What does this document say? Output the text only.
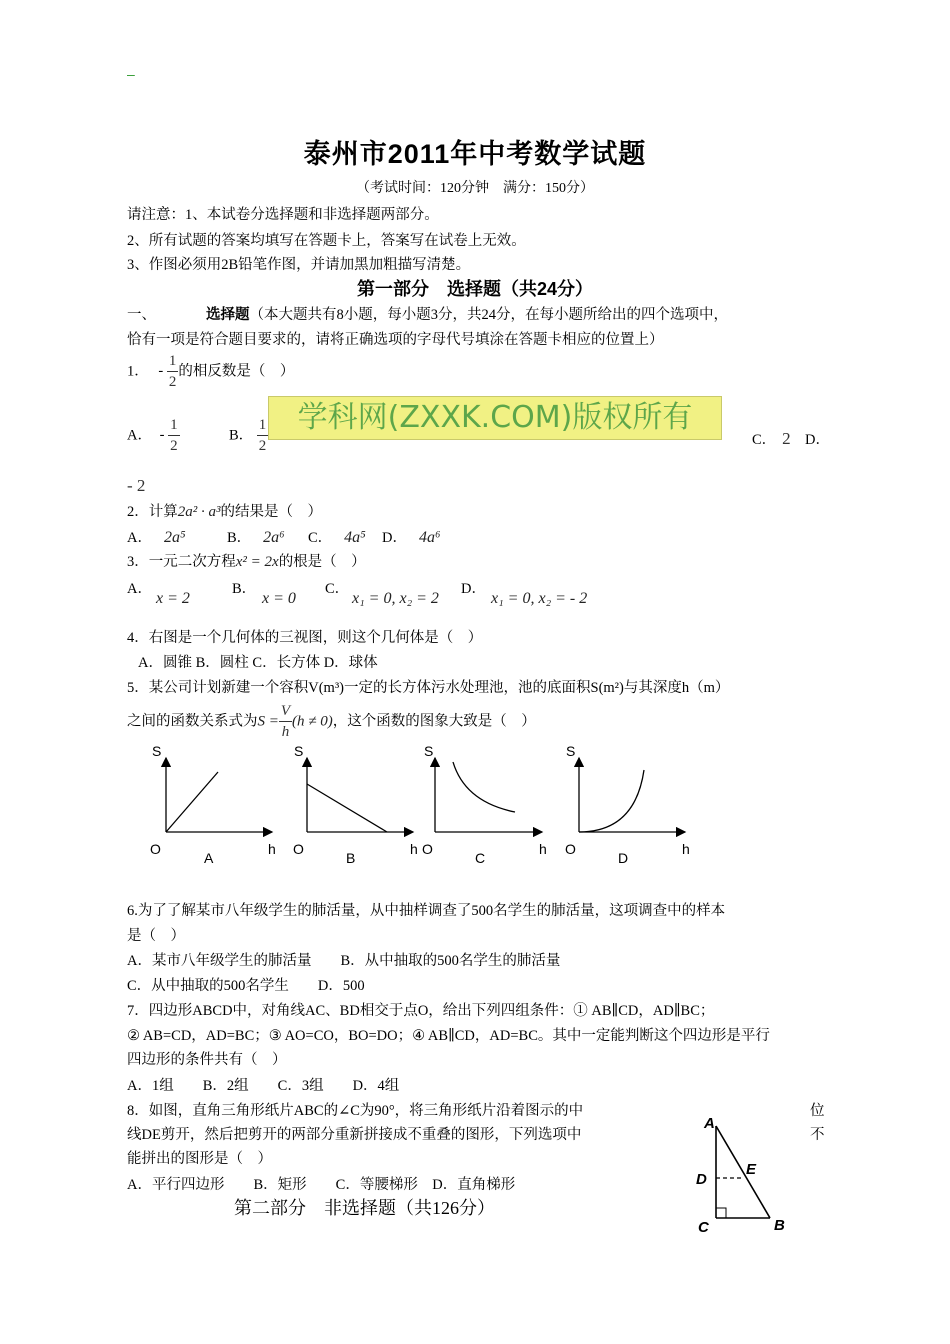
–
泰州市2011年中考数学试题
（考试时间：120分钟　满分：150分）
请注意：1、本试卷分选择题和非选择题两部分。
2、所有试题的答案均填写在答题卡上，答案写在试卷上无效。
3、作图必须用2B铅笔作图，并请加黑加粗描写清楚。
第一部分　选择题（共24分）
一、	选择题（本大题共有8小题，每小题3分，共24分，在每小题所给出的四个选项中，
恰有一项是符合题目要求的，请将正确选项的字母代号填涂在答题卡相应的位置上）
1． - $\frac{1}{2}$ 的相反数是（　）
A． - $\frac{1}{2}$	B． $\frac{1}{2}$
学科网(ZXXK.COM)版权所有
C． 2 D．
- 2
2．计算2a² · a³的结果是（　）
A． 2a⁵	B． 2a⁶ C． 4a⁵ D． 4a⁶
3．一元二次方程x² = 2x的根是（　）
A．
x = 2
B．
x = 0
C．
x₁ = 0, x₂ = 2
D．
x₁ = 0, x₂ = - 2
4．右图是一个几何体的三视图，则这个几何体是（　）
A．圆锥 B．圆柱 C．长方体 D．球体
5．某公司计划新建一个容积V(m³)一定的长方体污水处理池，池的底面积S(m²)与其深度h（m）
之间的函数关系式为$S = \frac{V}{h} (h \ne 0)$，这个函数的图象大致是（　）
S
O	h
A
S
O	h
B
S
O	h
C
S
O	h
D
6.为了了解某市八年级学生的肺活量，从中抽样调查了500名学生的肺活量，这项调查中的样本
是（　）
A．某市八年级学生的肺活量　　B．从中抽取的500名学生的肺活量
C．从中抽取的500名学生　　D．500
7．四边形ABCD中，对角线AC、BD相交于点O，给出下列四组条件：① AB∥CD，AD∥BC；
② AB=CD，AD=BC；③ AO=CO，BO=DO；④ AB∥CD，AD=BC。其中一定能判断这个四边形是平行
四边形的条件共有（　）
A．1组　　B．2组　　C．3组　　D．4组
8．如图，直角三角形纸片ABC的∠C为90°，将三角形纸片沿着图示的中	位
线DE剪开，然后把剪开的两部分重新拼接成不重叠的图形，下列选项中	不
能拼出的图形是（　）
A．平行四边形　　B．矩形　　C．等腰梯形　D．直角梯形
A
D
E
C	B
第二部分　非选择题（共126分）
